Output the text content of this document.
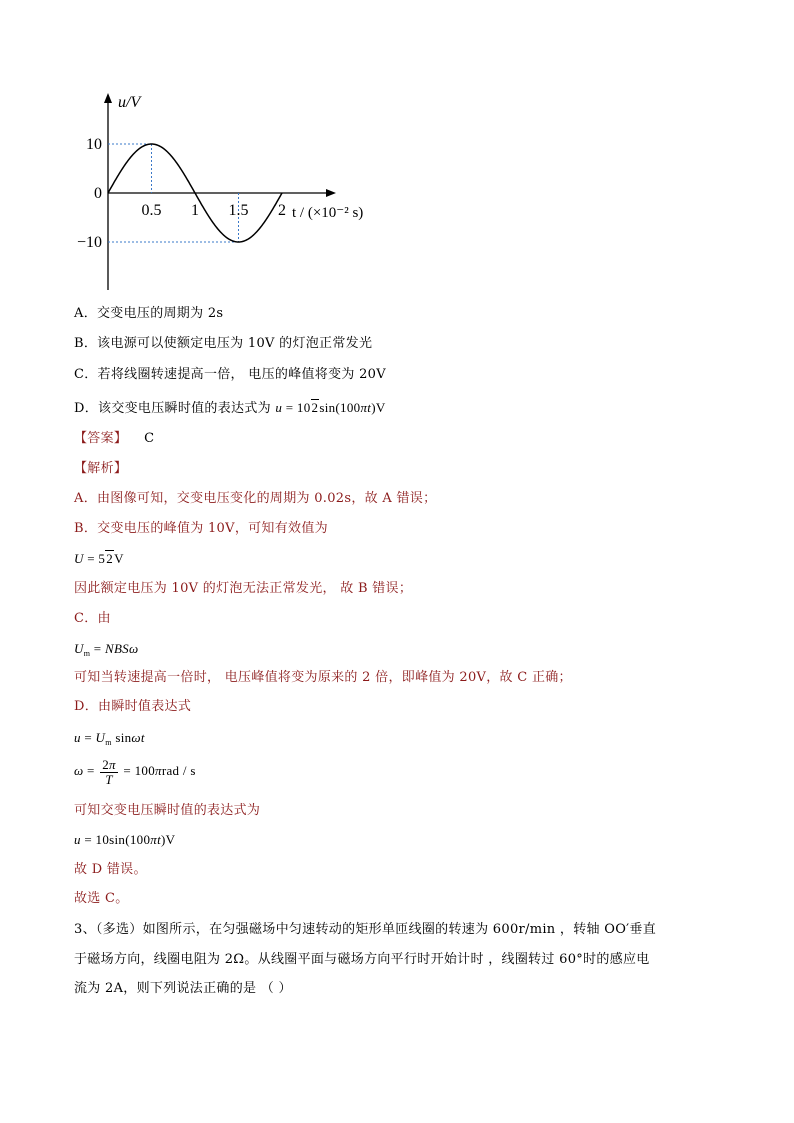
10
0
−10
0.5 1 1.5 2
u/V
t / (×10⁻² s)
A．交变电压的周期为 2s
B．该电源可以使额定电压为 10V 的灯泡正常发光
C．若将线圈转速提高一倍， 电压的峰值将变为 20V
D．该交变电压瞬时值的表达式为 u = 102sin(100πt)V
【答案】 C
【解析】
A．由图像可知，交变电压变化的周期为 0.02s，故 A 错误；
B．交变电压的峰值为 10V，可知有效值为
U = 52V
因此额定电压为 10V 的灯泡无法正常发光， 故 B 错误；
C．由
$U_m = NBS\omega$
可知当转速提高一倍时， 电压峰值将变为原来的 2 倍，即峰值为 20V，故 C 正确；
D．由瞬时值表达式
$u = U_m$ sinωt
$\omega = \frac{2\pi}{T} = 100\pi rad / s$
可知交变电压瞬时值的表达式为
u = 10sin(100πt)V
故 D 错误。
故选 C。
3、（多选）如图所示，在匀强磁场中匀速转动的矩形单匝线圈的转速为 600r/min ，转轴 OO′垂直
于磁场方向，线圈电阻为 2Ω。从线圈平面与磁场方向平行时开始计时 ，线圈转过 60°时的感应电
流为 2A，则下列说法正确的是 （ ）
